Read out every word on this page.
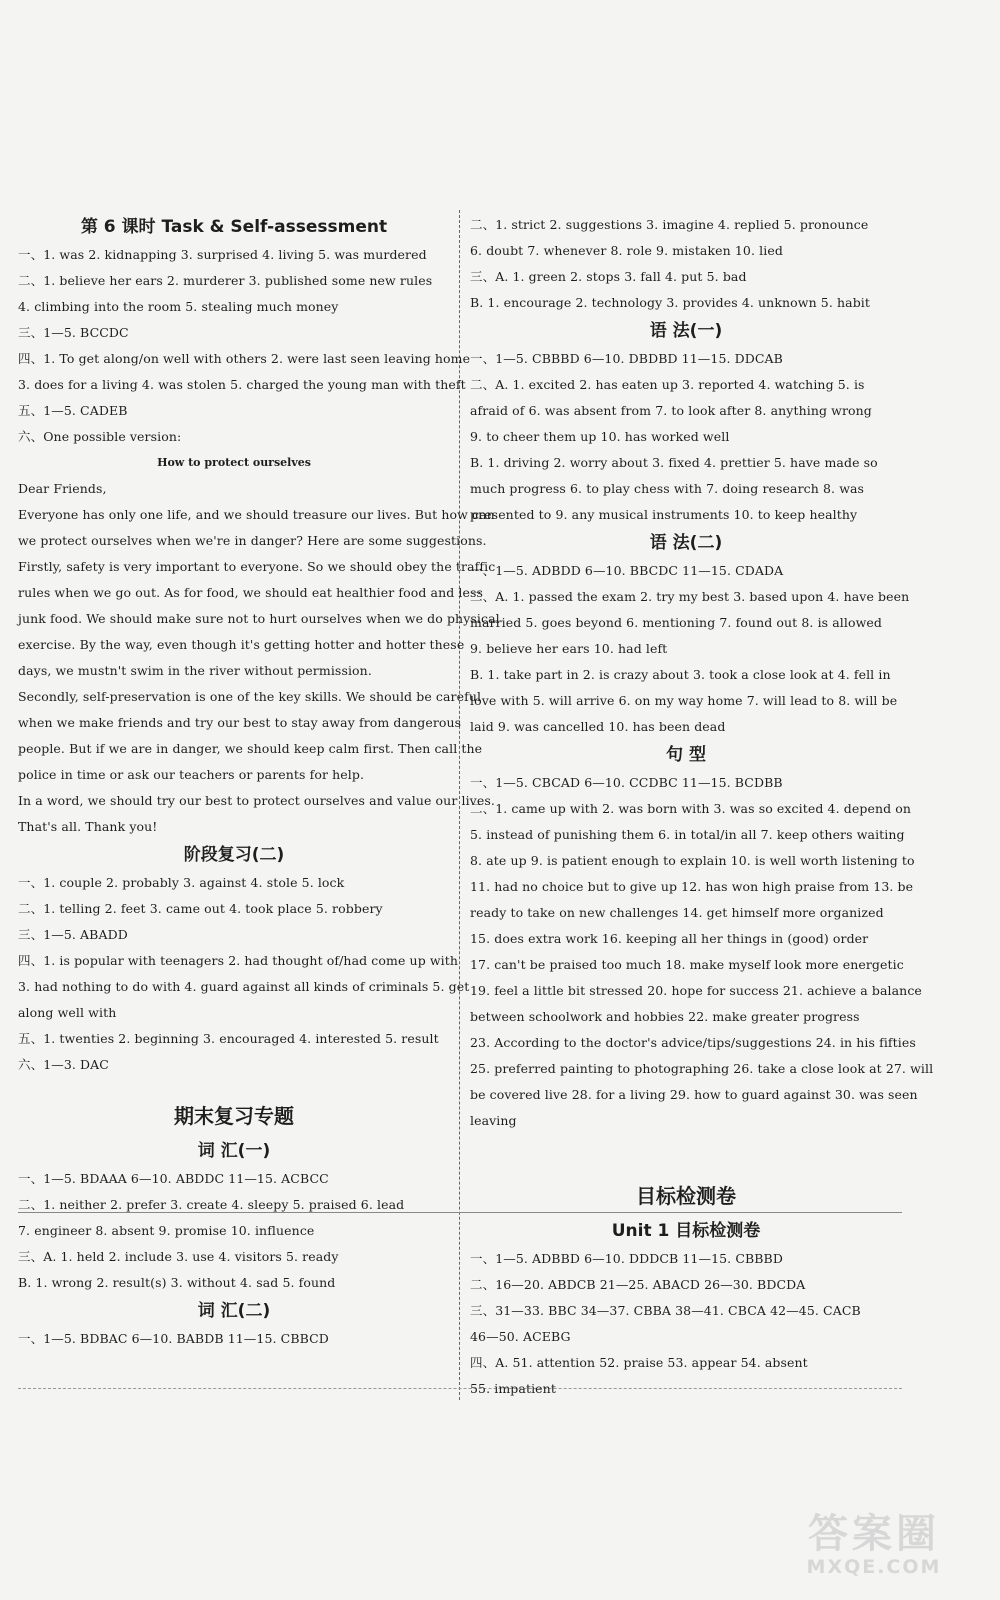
第 6 课时 Task & Self-assessment
一、1. was 2. kidnapping 3. surprised 4. living 5. was murdered
二、1. believe her ears 2. murderer 3. published some new rules
4. climbing into the room 5. stealing much money
三、1—5. BCCDC
四、1. To get along/on well with others 2. were last seen leaving home
3. does for a living 4. was stolen 5. charged the young man with theft
五、1—5. CADEB
六、One possible version:
How to protect ourselves
Dear Friends,
Everyone has only one life, and we should treasure our lives. But how can
we protect ourselves when we're in danger? Here are some suggestions.
Firstly, safety is very important to everyone. So we should obey the traffic
rules when we go out. As for food, we should eat healthier food and less
junk food. We should make sure not to hurt ourselves when we do physical
exercise. By the way, even though it's getting hotter and hotter these
days, we mustn't swim in the river without permission.
Secondly, self-preservation is one of the key skills. We should be careful
when we make friends and try our best to stay away from dangerous
people. But if we are in danger, we should keep calm first. Then call the
police in time or ask our teachers or parents for help.
In a word, we should try our best to protect ourselves and value our lives.
That's all. Thank you!
阶段复习(二)
一、1. couple 2. probably 3. against 4. stole 5. lock
二、1. telling 2. feet 3. came out 4. took place 5. robbery
三、1—5. ABADD
四、1. is popular with teenagers 2. had thought of/had come up with
3. had nothing to do with 4. guard against all kinds of criminals 5. get
along well with
五、1. twenties 2. beginning 3. encouraged 4. interested 5. result
六、1—3. DAC
期末复习专题
词 汇(一)
一、1—5. BDAAA 6—10. ABDDC 11—15. ACBCC
二、1. neither 2. prefer 3. create 4. sleepy 5. praised 6. lead
7. engineer 8. absent 9. promise 10. influence
三、A. 1. held 2. include 3. use 4. visitors 5. ready
B. 1. wrong 2. result(s) 3. without 4. sad 5. found
词 汇(二)
一、1—5. BDBAC 6—10. BABDB 11—15. CBBCD
二、1. strict 2. suggestions 3. imagine 4. replied 5. pronounce
6. doubt 7. whenever 8. role 9. mistaken 10. lied
三、A. 1. green 2. stops 3. fall 4. put 5. bad
B. 1. encourage 2. technology 3. provides 4. unknown 5. habit
语 法(一)
一、1—5. CBBBD 6—10. DBDBD 11—15. DDCAB
二、A. 1. excited 2. has eaten up 3. reported 4. watching 5. is
afraid of 6. was absent from 7. to look after 8. anything wrong
9. to cheer them up 10. has worked well
B. 1. driving 2. worry about 3. fixed 4. prettier 5. have made so
much progress 6. to play chess with 7. doing research 8. was
presented to 9. any musical instruments 10. to keep healthy
语 法(二)
一、1—5. ADBDD 6—10. BBCDC 11—15. CDADA
二、A. 1. passed the exam 2. try my best 3. based upon 4. have been
married 5. goes beyond 6. mentioning 7. found out 8. is allowed
9. believe her ears 10. had left
B. 1. take part in 2. is crazy about 3. took a close look at 4. fell in
love with 5. will arrive 6. on my way home 7. will lead to 8. will be
laid 9. was cancelled 10. has been dead
句 型
一、1—5. CBCAD 6—10. CCDBC 11—15. BCDBB
二、1. came up with 2. was born with 3. was so excited 4. depend on
5. instead of punishing them 6. in total/in all 7. keep others waiting
8. ate up 9. is patient enough to explain 10. is well worth listening to
11. had no choice but to give up 12. has won high praise from 13. be
ready to take on new challenges 14. get himself more organized
15. does extra work 16. keeping all her things in (good) order
17. can't be praised too much 18. make myself look more energetic
19. feel a little bit stressed 20. hope for success 21. achieve a balance
between schoolwork and hobbies 22. make greater progress
23. According to the doctor's advice/tips/suggestions 24. in his fifties
25. preferred painting to photographing 26. take a close look at 27. will
be covered live 28. for a living 29. how to guard against 30. was seen
leaving
目标检测卷
Unit 1 目标检测卷
一、1—5. ADBBD 6—10. DDDCB 11—15. CBBBD
二、16—20. ABDCB 21—25. ABACD 26—30. BDCDA
三、31—33. BBC 34—37. CBBA 38—41. CBCA 42—45. CACB
46—50. ACEBG
四、A. 51. attention 52. praise 53. appear 54. absent
55. impatient
答案圈
MXQE.COM
